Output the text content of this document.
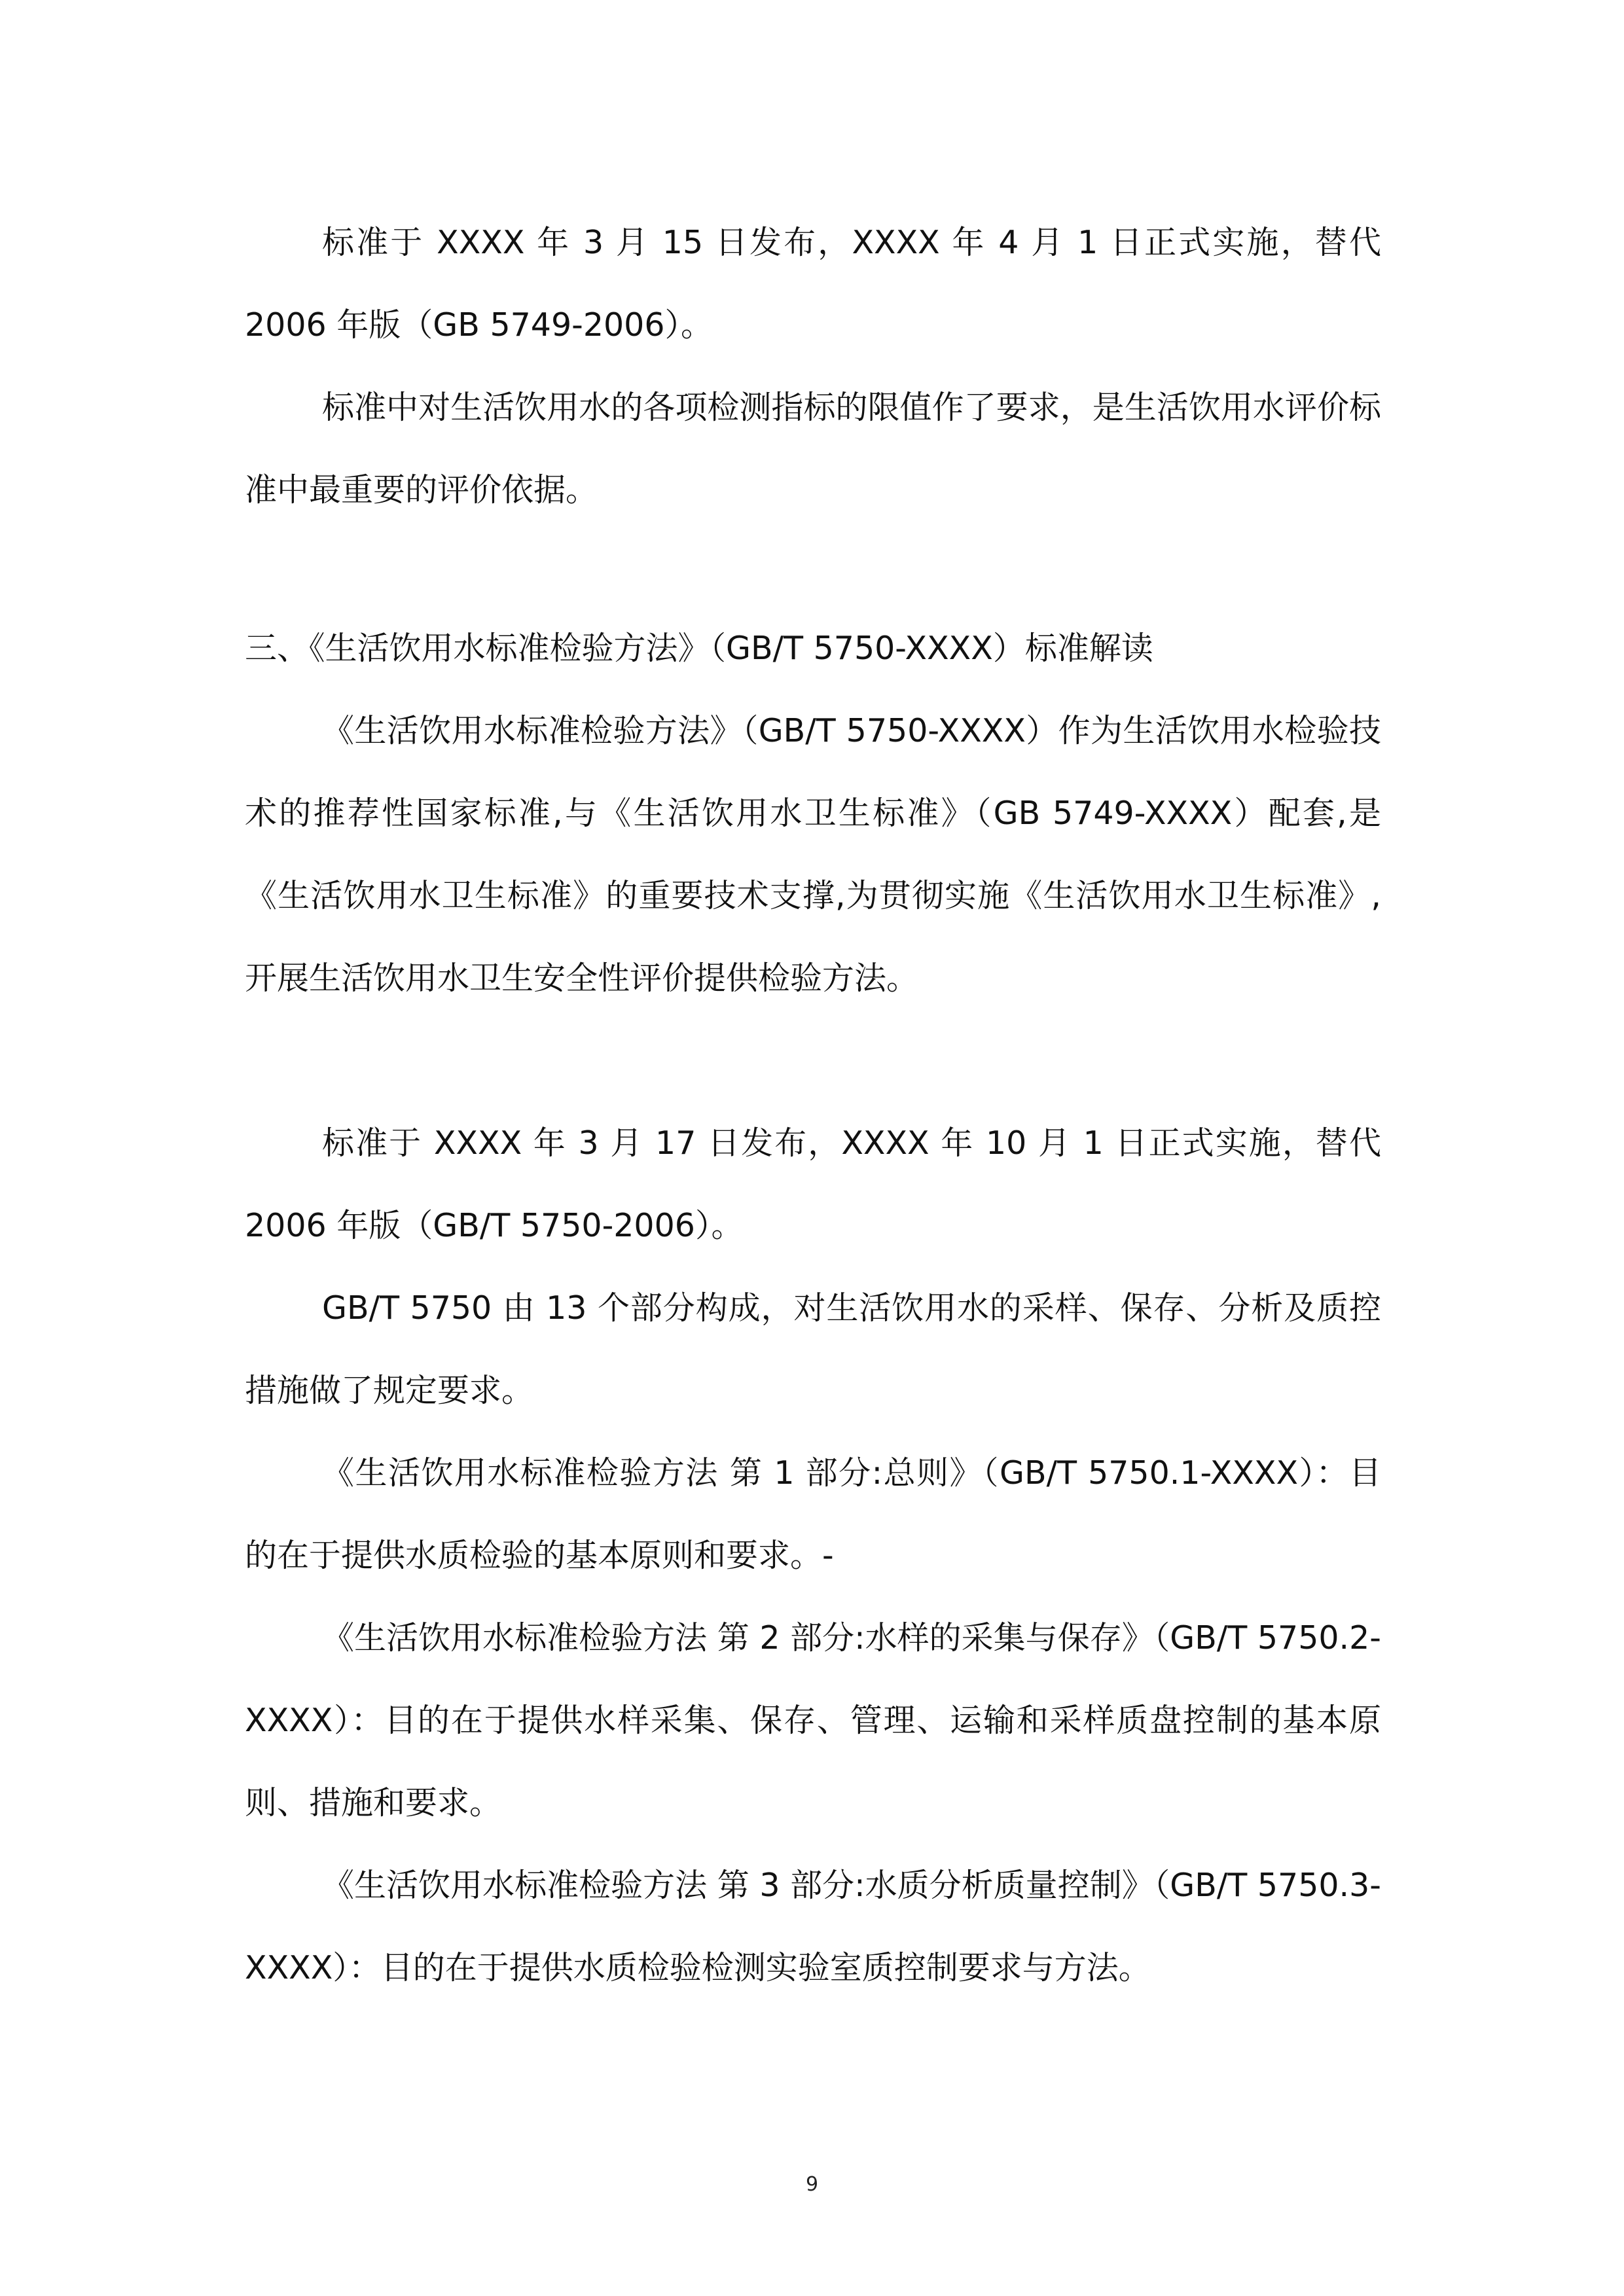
标准于 XXXX 年 3 月 15 日发布，XXXX 年 4 月 1 日正式实施，替代 2006 年版（GB 5749-2006）。

标准中对生活饮用水的各项检测指标的限值作了要求，是生活饮用水评价标准中最重要的评价依据。

三、《生活饮用水标准检验方法》（GB/T 5750-XXXX）标准解读

《生活饮用水标准检验方法》（GB/T 5750-XXXX）作为生活饮用水检验技术的推荐性国家标准,与《生活饮用水卫生标准》（GB 5749-XXXX）配套,是《生活饮用水卫生标准》的重要技术支撑,为贯彻实施《生活饮用水卫生标准》,开展生活饮用水卫生安全性评价提供检验方法。

标准于 XXXX 年 3 月 17 日发布，XXXX 年 10 月 1 日正式实施，替代 2006 年版（GB/T 5750-2006）。

GB/T 5750 由 13 个部分构成，对生活饮用水的采样、保存、分析及质控措施做了规定要求。

《生活饮用水标准检验方法 第 1 部分:总则》（GB/T 5750.1-XXXX）：目的在于提供水质检验的基本原则和要求。-

《生活饮用水标准检验方法 第 2 部分:水样的采集与保存》（GB/T 5750.2-XXXX）：目的在于提供水样采集、保存、管理、运输和采样质盘控制的基本原则、措施和要求。

《生活饮用水标准检验方法 第 3 部分:水质分析质量控制》（GB/T 5750.3-XXXX）：目的在于提供水质检验检测实验室质控制要求与方法。

9
